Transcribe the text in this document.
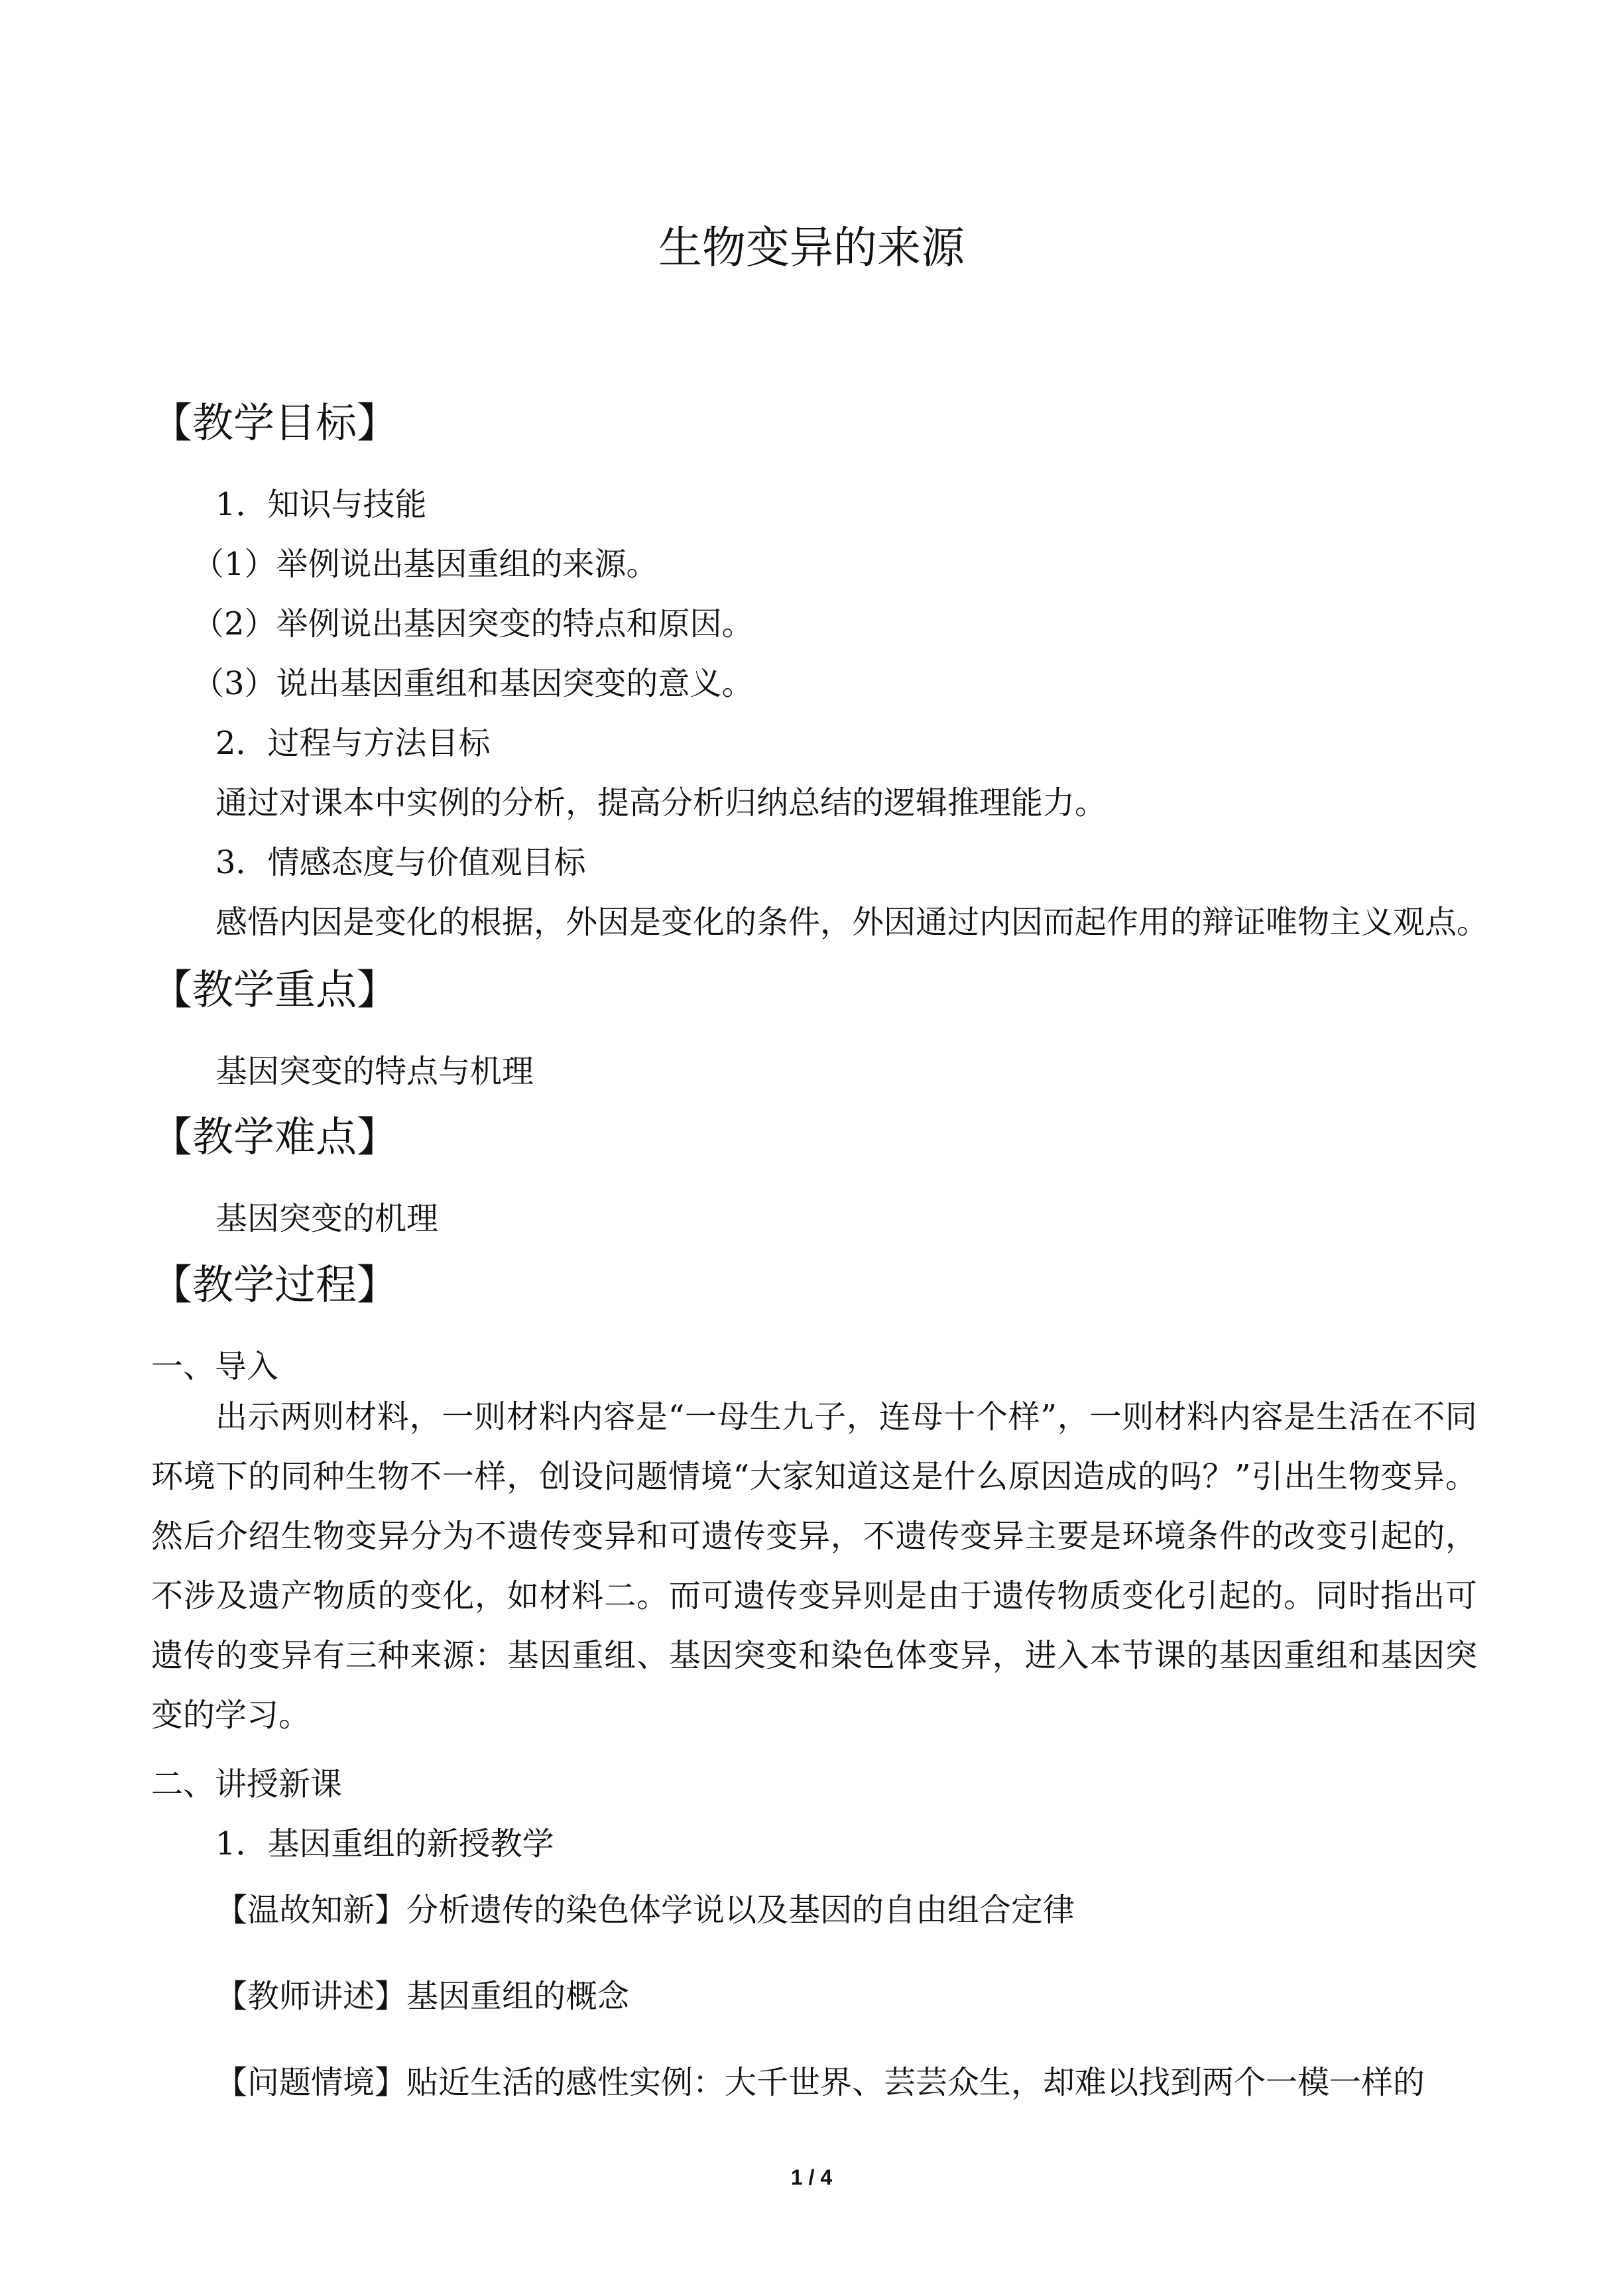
生物变异的来源
【教学目标】
1．知识与技能
（1）举例说出基因重组的来源。
（2）举例说出基因突变的特点和原因。
（3）说出基因重组和基因突变的意义。
2．过程与方法目标
通过对课本中实例的分析，提高分析归纳总结的逻辑推理能力。
3．情感态度与价值观目标
感悟内因是变化的根据，外因是变化的条件，外因通过内因而起作用的辩证唯物主义观点。
【教学重点】
基因突变的特点与机理
【教学难点】
基因突变的机理
【教学过程】
一、导入
出示两则材料，一则材料内容是“一母生九子，连母十个样”，一则材料内容是生活在不同环境下的同种生物不一样，创设问题情境“大家知道这是什么原因造成的吗？”引出生物变异。然后介绍生物变异分为不遗传变异和可遗传变异，不遗传变异主要是环境条件的改变引起的，不涉及遗产物质的变化，如材料二。而可遗传变异则是由于遗传物质变化引起的。同时指出可遗传的变异有三种来源：基因重组、基因突变和染色体变异，进入本节课的基因重组和基因突变的学习。
二、讲授新课
1．基因重组的新授教学
【温故知新】分析遗传的染色体学说以及基因的自由组合定律
【教师讲述】基因重组的概念
【问题情境】贴近生活的感性实例：大千世界、芸芸众生，却难以找到两个一模一样的
1 / 4
